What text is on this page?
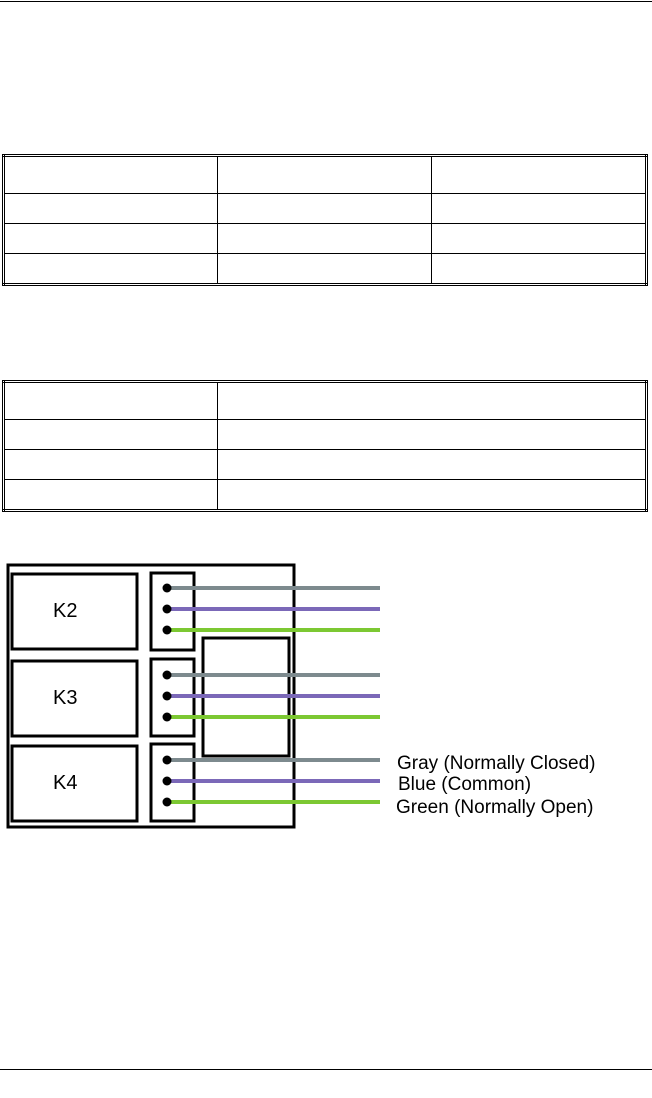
K2
K3
K4
Gray (Normally Closed)
Blue (Common)
Green (Normally Open)
